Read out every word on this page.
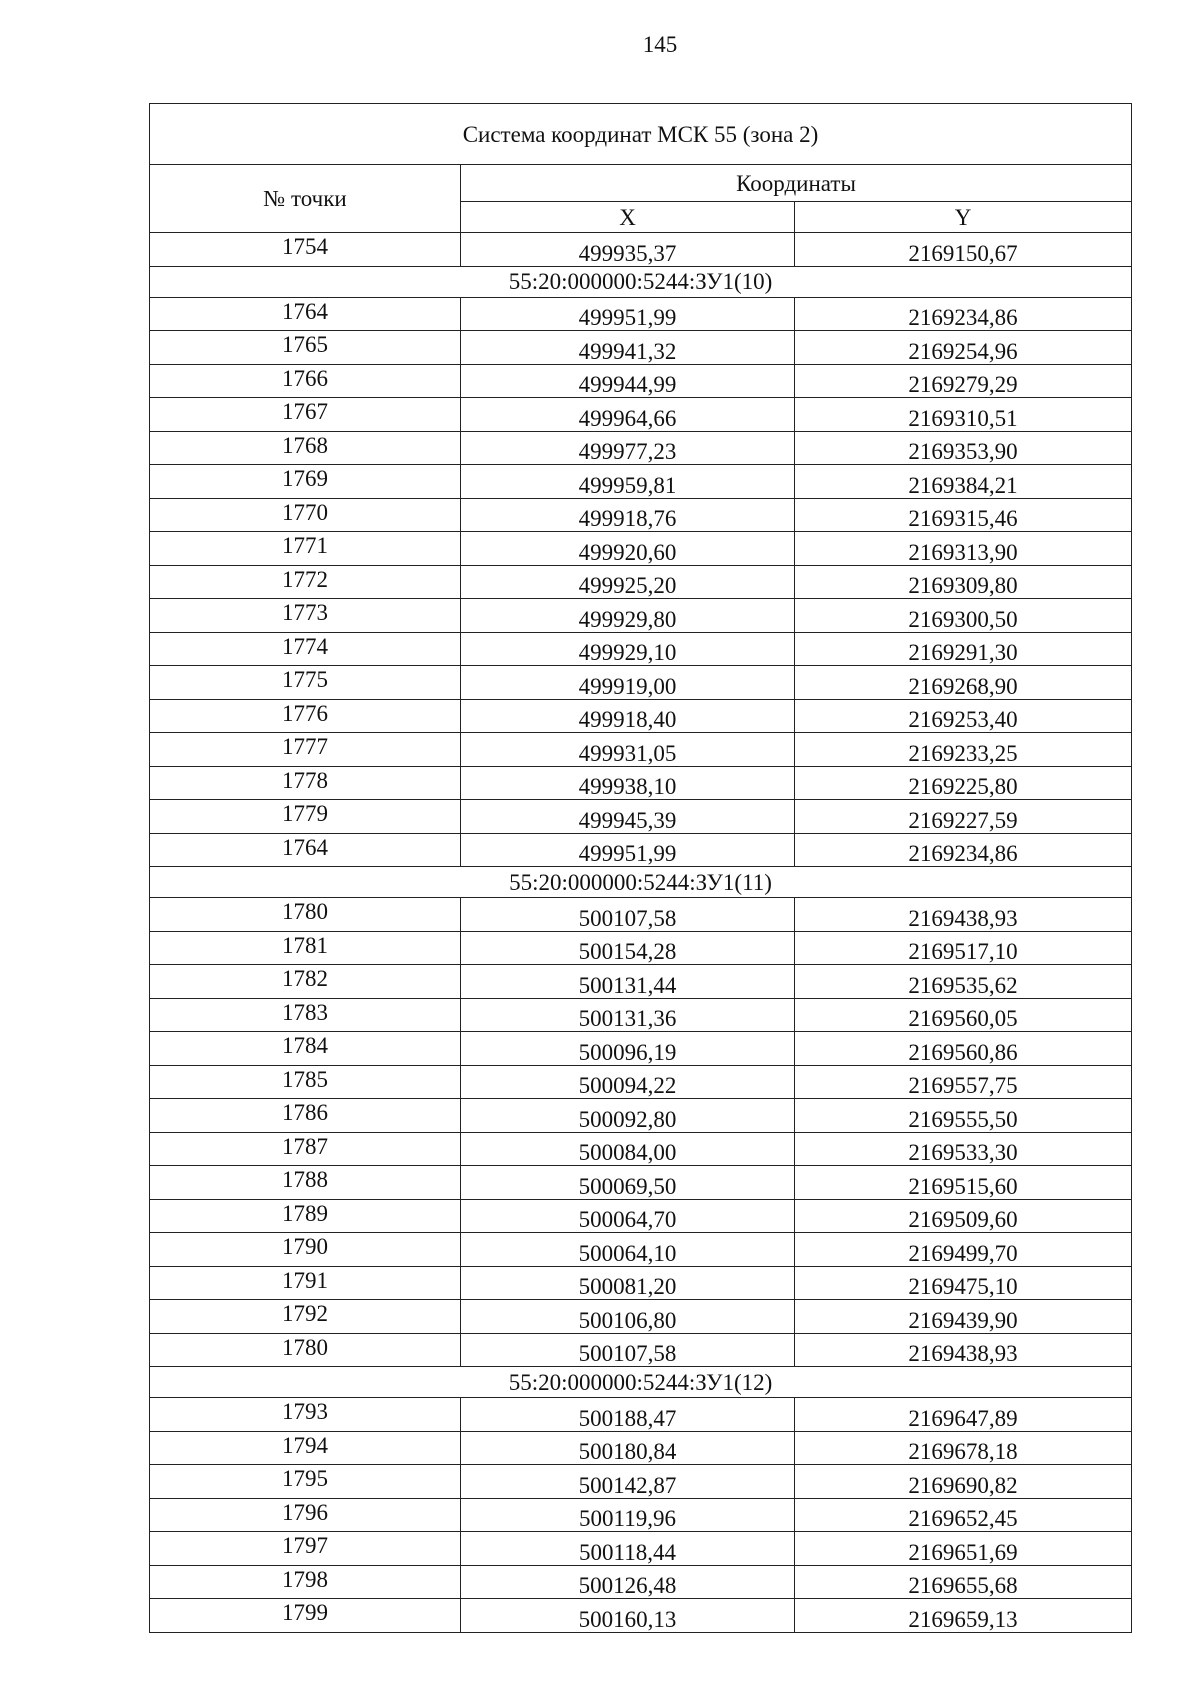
145
Система координат МСК 55 (зона 2)		
№ точки	Координаты	
	X	Y
1754	499935,37	2169150,67
55:20:000000:5244:ЗУ1(10)		
1764	499951,99	2169234,86
1765	499941,32	2169254,96
1766	499944,99	2169279,29
1767	499964,66	2169310,51
1768	499977,23	2169353,90
1769	499959,81	2169384,21
1770	499918,76	2169315,46
1771	499920,60	2169313,90
1772	499925,20	2169309,80
1773	499929,80	2169300,50
1774	499929,10	2169291,30
1775	499919,00	2169268,90
1776	499918,40	2169253,40
1777	499931,05	2169233,25
1778	499938,10	2169225,80
1779	499945,39	2169227,59
1764	499951,99	2169234,86
55:20:000000:5244:ЗУ1(11)		
1780	500107,58	2169438,93
1781	500154,28	2169517,10
1782	500131,44	2169535,62
1783	500131,36	2169560,05
1784	500096,19	2169560,86
1785	500094,22	2169557,75
1786	500092,80	2169555,50
1787	500084,00	2169533,30
1788	500069,50	2169515,60
1789	500064,70	2169509,60
1790	500064,10	2169499,70
1791	500081,20	2169475,10
1792	500106,80	2169439,90
1780	500107,58	2169438,93
55:20:000000:5244:ЗУ1(12)		
1793	500188,47	2169647,89
1794	500180,84	2169678,18
1795	500142,87	2169690,82
1796	500119,96	2169652,45
1797	500118,44	2169651,69
1798	500126,48	2169655,68
1799	500160,13	2169659,13
